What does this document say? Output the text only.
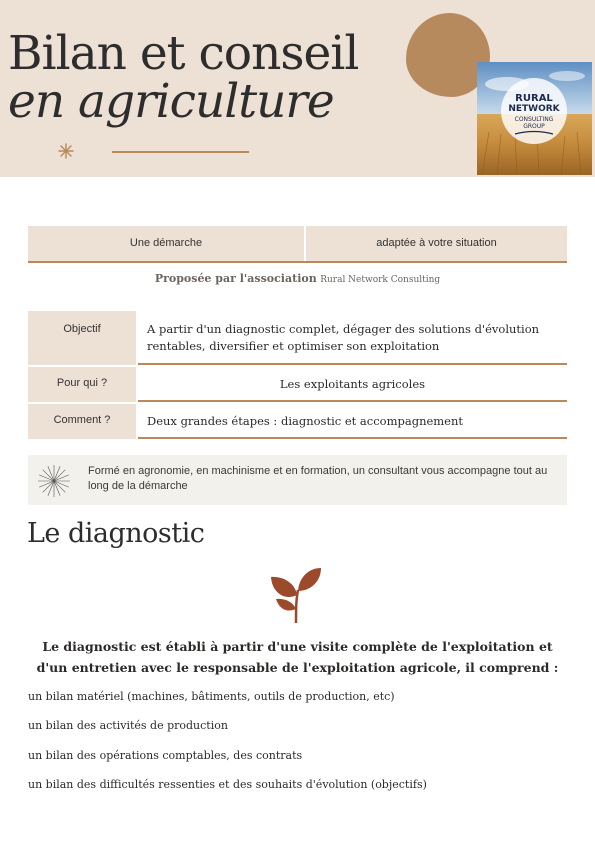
Bilan et conseil
en agriculture	RURAL
NETWORK
CONSULTING
GROUP
Une démarche	adaptée à votre situation
Proposée par l'association Rural Network Consulting
Objectif	A partir d'un diagnostic complet, dégager des solutions d'évolution rentables, diversifier et optimiser son exploitation
Pour qui ?	Les exploitants agricoles
Comment ?	Deux grandes étapes : diagnostic et accompagnement
Formé en agronomie, en machinisme et en formation, un consultant vous accompagne tout au long de la démarche
Le diagnostic
Le diagnostic est établi à partir d'une visite complète de l'exploitation et d'un entretien avec le responsable de l'exploitation agricole, il comprend :
un bilan matériel (machines, bâtiments, outils de production, etc)
un bilan des activités de production
un bilan des opérations comptables, des contrats
un bilan des difficultés ressenties et des souhaits d'évolution (objectifs)
